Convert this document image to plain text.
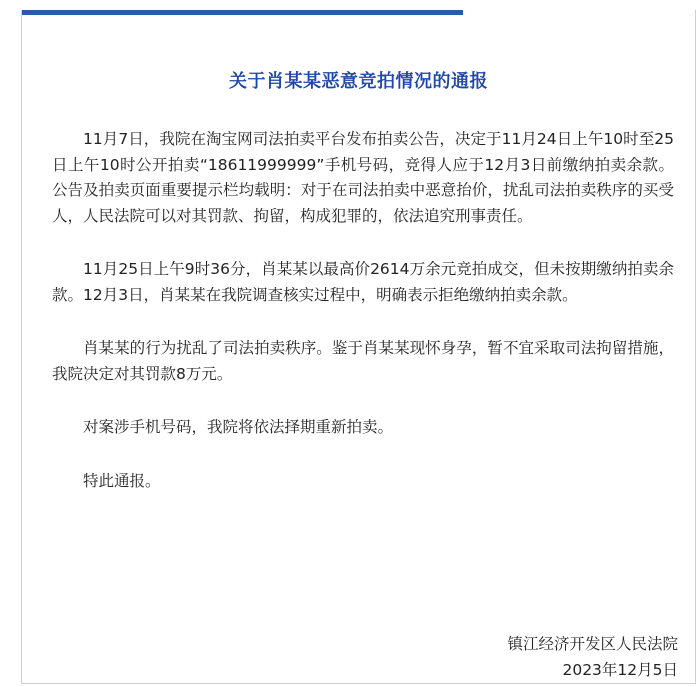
关于肖某某恶意竞拍情况的通报

11月7日，我院在淘宝网司法拍卖平台发布拍卖公告，决定于11月24日上午10时至25日上午10时公开拍卖“18611999999”手机号码，竞得人应于12月3日前缴纳拍卖余款。公告及拍卖页面重要提示栏均载明：对于在司法拍卖中恶意抬价，扰乱司法拍卖秩序的买受人，人民法院可以对其罚款、拘留，构成犯罪的，依法追究刑事责任。

11月25日上午9时36分，肖某某以最高价2614万余元竞拍成交，但未按期缴纳拍卖余款。12月3日，肖某某在我院调查核实过程中，明确表示拒绝缴纳拍卖余款。

肖某某的行为扰乱了司法拍卖秩序。鉴于肖某某现怀身孕，暂不宜采取司法拘留措施，我院决定对其罚款8万元。

对案涉手机号码，我院将依法择期重新拍卖。

特此通报。

镇江经济开发区人民法院
2023年12月5日
